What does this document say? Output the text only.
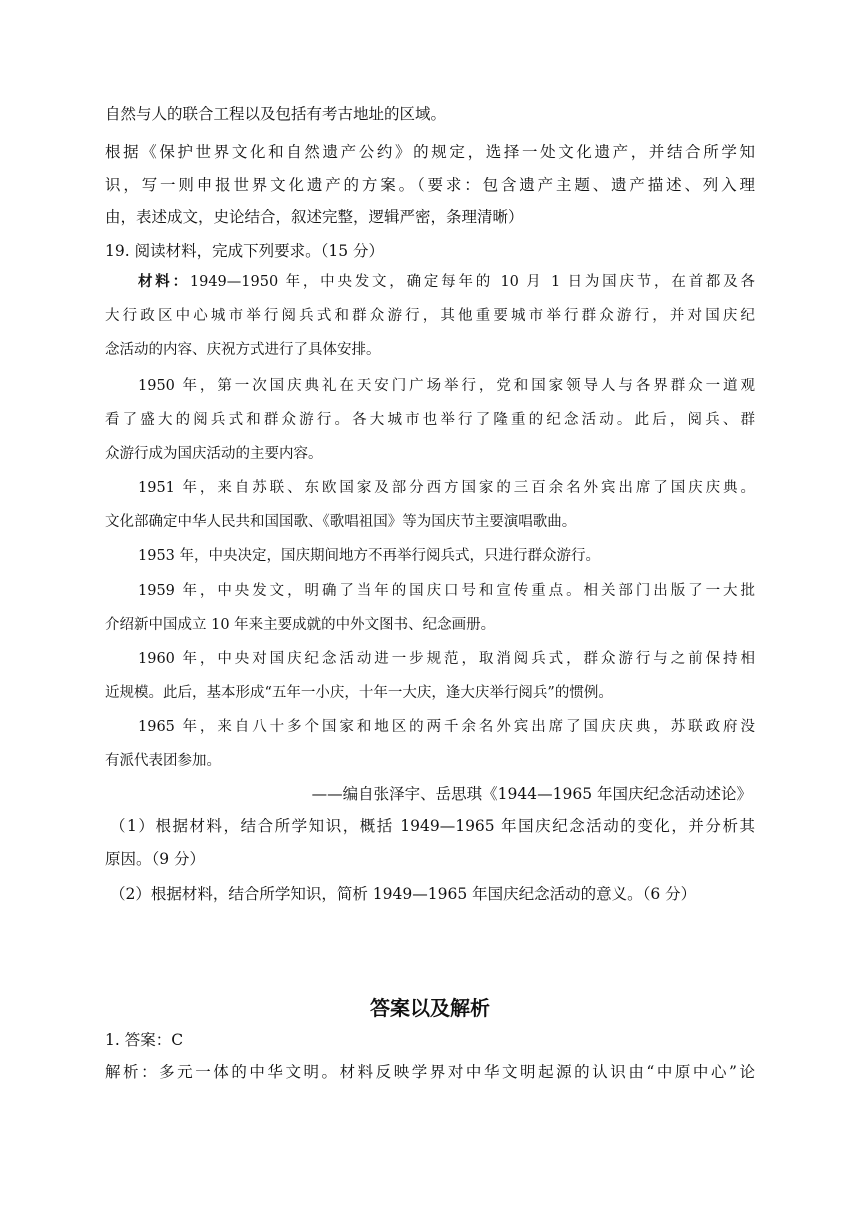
自然与人的联合工程以及包括有考古地址的区域。
根据《保护世界文化和自然遗产公约》的规定，选择一处文化遗产，并结合所学知
识，写一则申报世界文化遗产的方案。（要求：包含遗产主题、遗产描述、列入理
由，表述成文，史论结合，叙述完整，逻辑严密，条理清晰）
19. 阅读材料，完成下列要求。（15 分）
材料：1949—1950 年，中央发文，确定每年的 10 月 1 日为国庆节，在首都及各
大行政区中心城市举行阅兵式和群众游行，其他重要城市举行群众游行，并对国庆纪
念活动的内容、庆祝方式进行了具体安排。
1950 年，第一次国庆典礼在天安门广场举行，党和国家领导人与各界群众一道观
看了盛大的阅兵式和群众游行。各大城市也举行了隆重的纪念活动。此后，阅兵、群
众游行成为国庆活动的主要内容。
1951 年，来自苏联、东欧国家及部分西方国家的三百余名外宾出席了国庆庆典。
文化部确定中华人民共和国国歌、《歌唱祖国》等为国庆节主要演唱歌曲。
1953 年，中央决定，国庆期间地方不再举行阅兵式，只进行群众游行。
1959 年，中央发文，明确了当年的国庆口号和宣传重点。相关部门出版了一大批
介绍新中国成立 10 年来主要成就的中外文图书、纪念画册。
1960 年，中央对国庆纪念活动进一步规范，取消阅兵式，群众游行与之前保持相
近规模。此后，基本形成“五年一小庆，十年一大庆，逢大庆举行阅兵”的惯例。
1965 年，来自八十多个国家和地区的两千余名外宾出席了国庆庆典，苏联政府没
有派代表团参加。
——编自张泽宇、岳思琪《1944—1965 年国庆纪念活动述论》
（1）根据材料，结合所学知识，概括 1949—1965 年国庆纪念活动的变化，并分析其
原因。（9 分）
（2）根据材料，结合所学知识，简析 1949—1965 年国庆纪念活动的意义。（6 分）
答案以及解析
1. 答案：C
解析：多元一体的中华文明。材料反映学界对中华文明起源的认识由“中原中心”论
